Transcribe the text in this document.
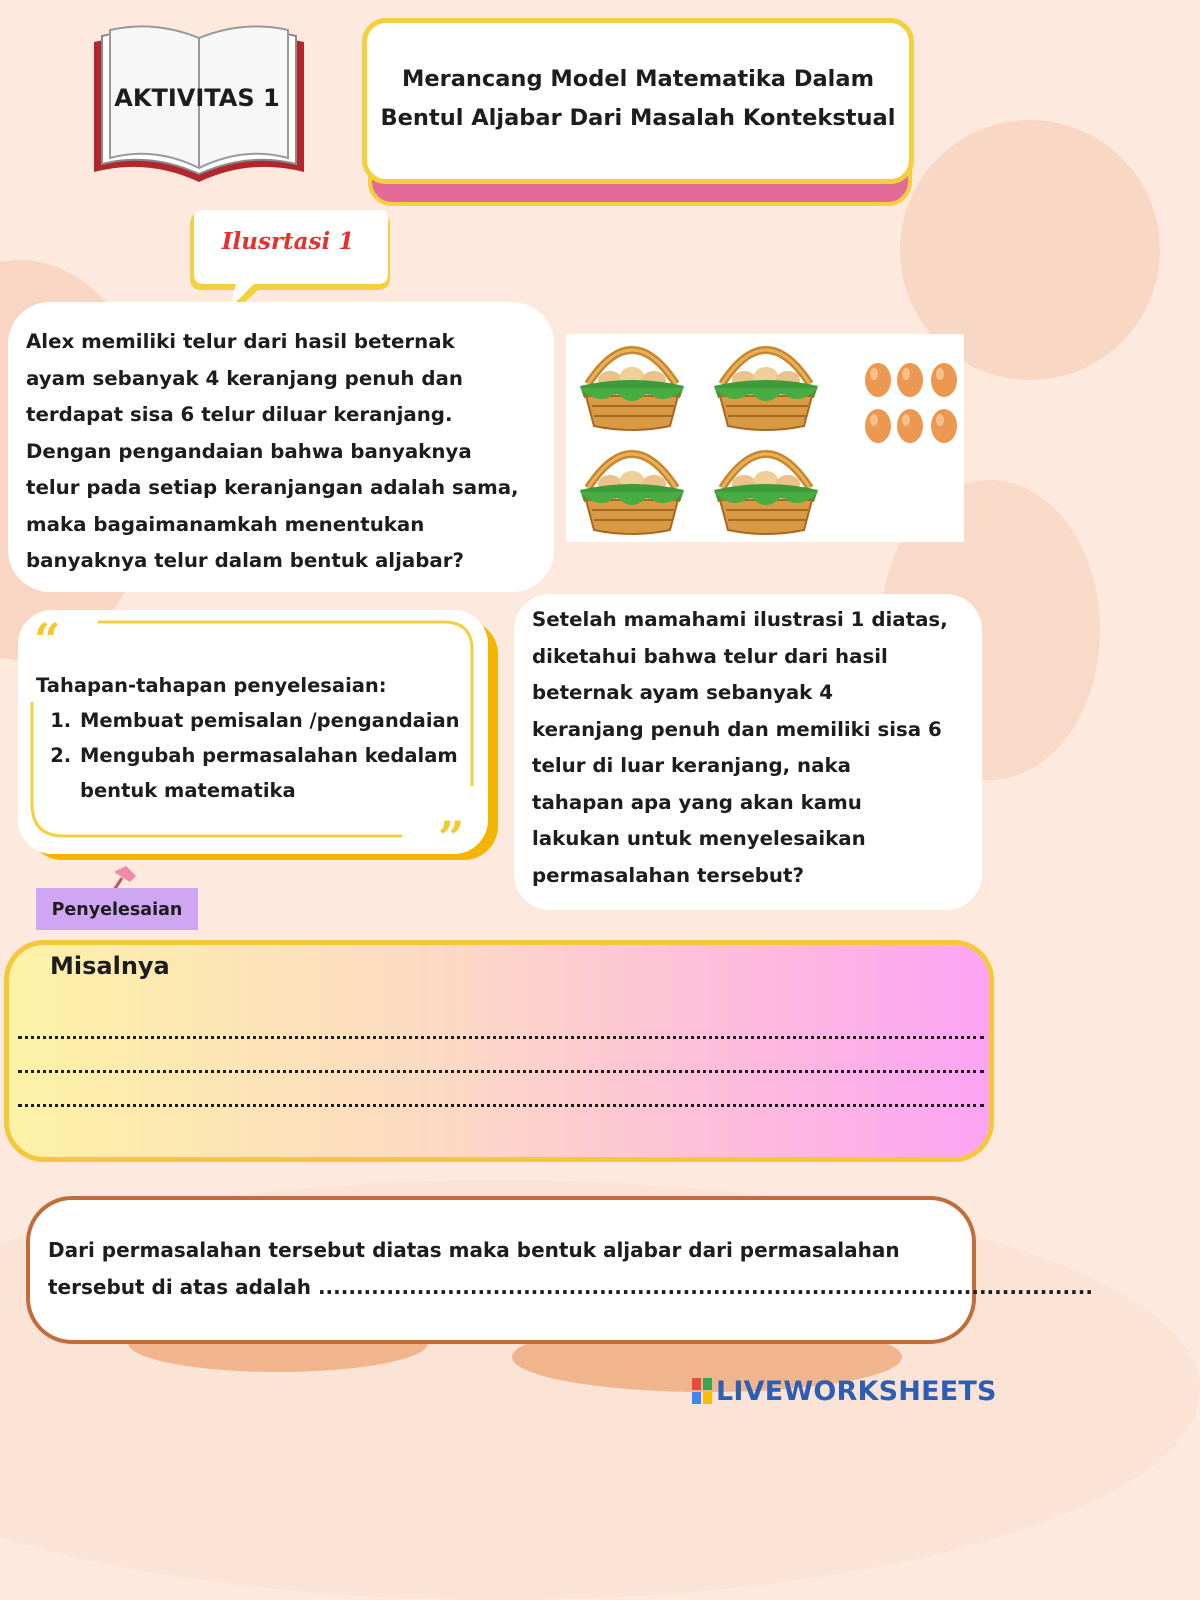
AKTIVITAS 1
Merancang Model Matematika Dalam
Bentul Aljabar Dari Masalah Kontekstual
Ilusrtasi 1
Alex memiliki telur dari hasil beternak
ayam sebanyak 4 keranjang penuh dan
terdapat sisa 6 telur diluar keranjang.
Dengan pengandaian bahwa banyaknya
telur pada setiap keranjangan adalah sama,
maka bagaimanamkah menentukan
banyaknya telur dalam bentuk aljabar?
“
”
Tahapan-tahapan penyelesaian:
1. Membuat pemisalan /pengandaian
2. Mengubah permasalahan kedalam bentuk matematika
Setelah mamahami ilustrasi 1 diatas,
diketahui bahwa telur dari hasil
beternak ayam sebanyak 4
keranjang penuh dan memiliki sisa 6
telur di luar keranjang, naka
tahapan apa yang akan kamu
lakukan untuk menyelesaikan
permasalahan tersebut?
Penyelesaian
Misalnya
Dari permasalahan tersebut diatas maka bentuk aljabar dari permasalahan
tersebut di atas adalah ......................................................................................................
LIVEWORKSHEETS
